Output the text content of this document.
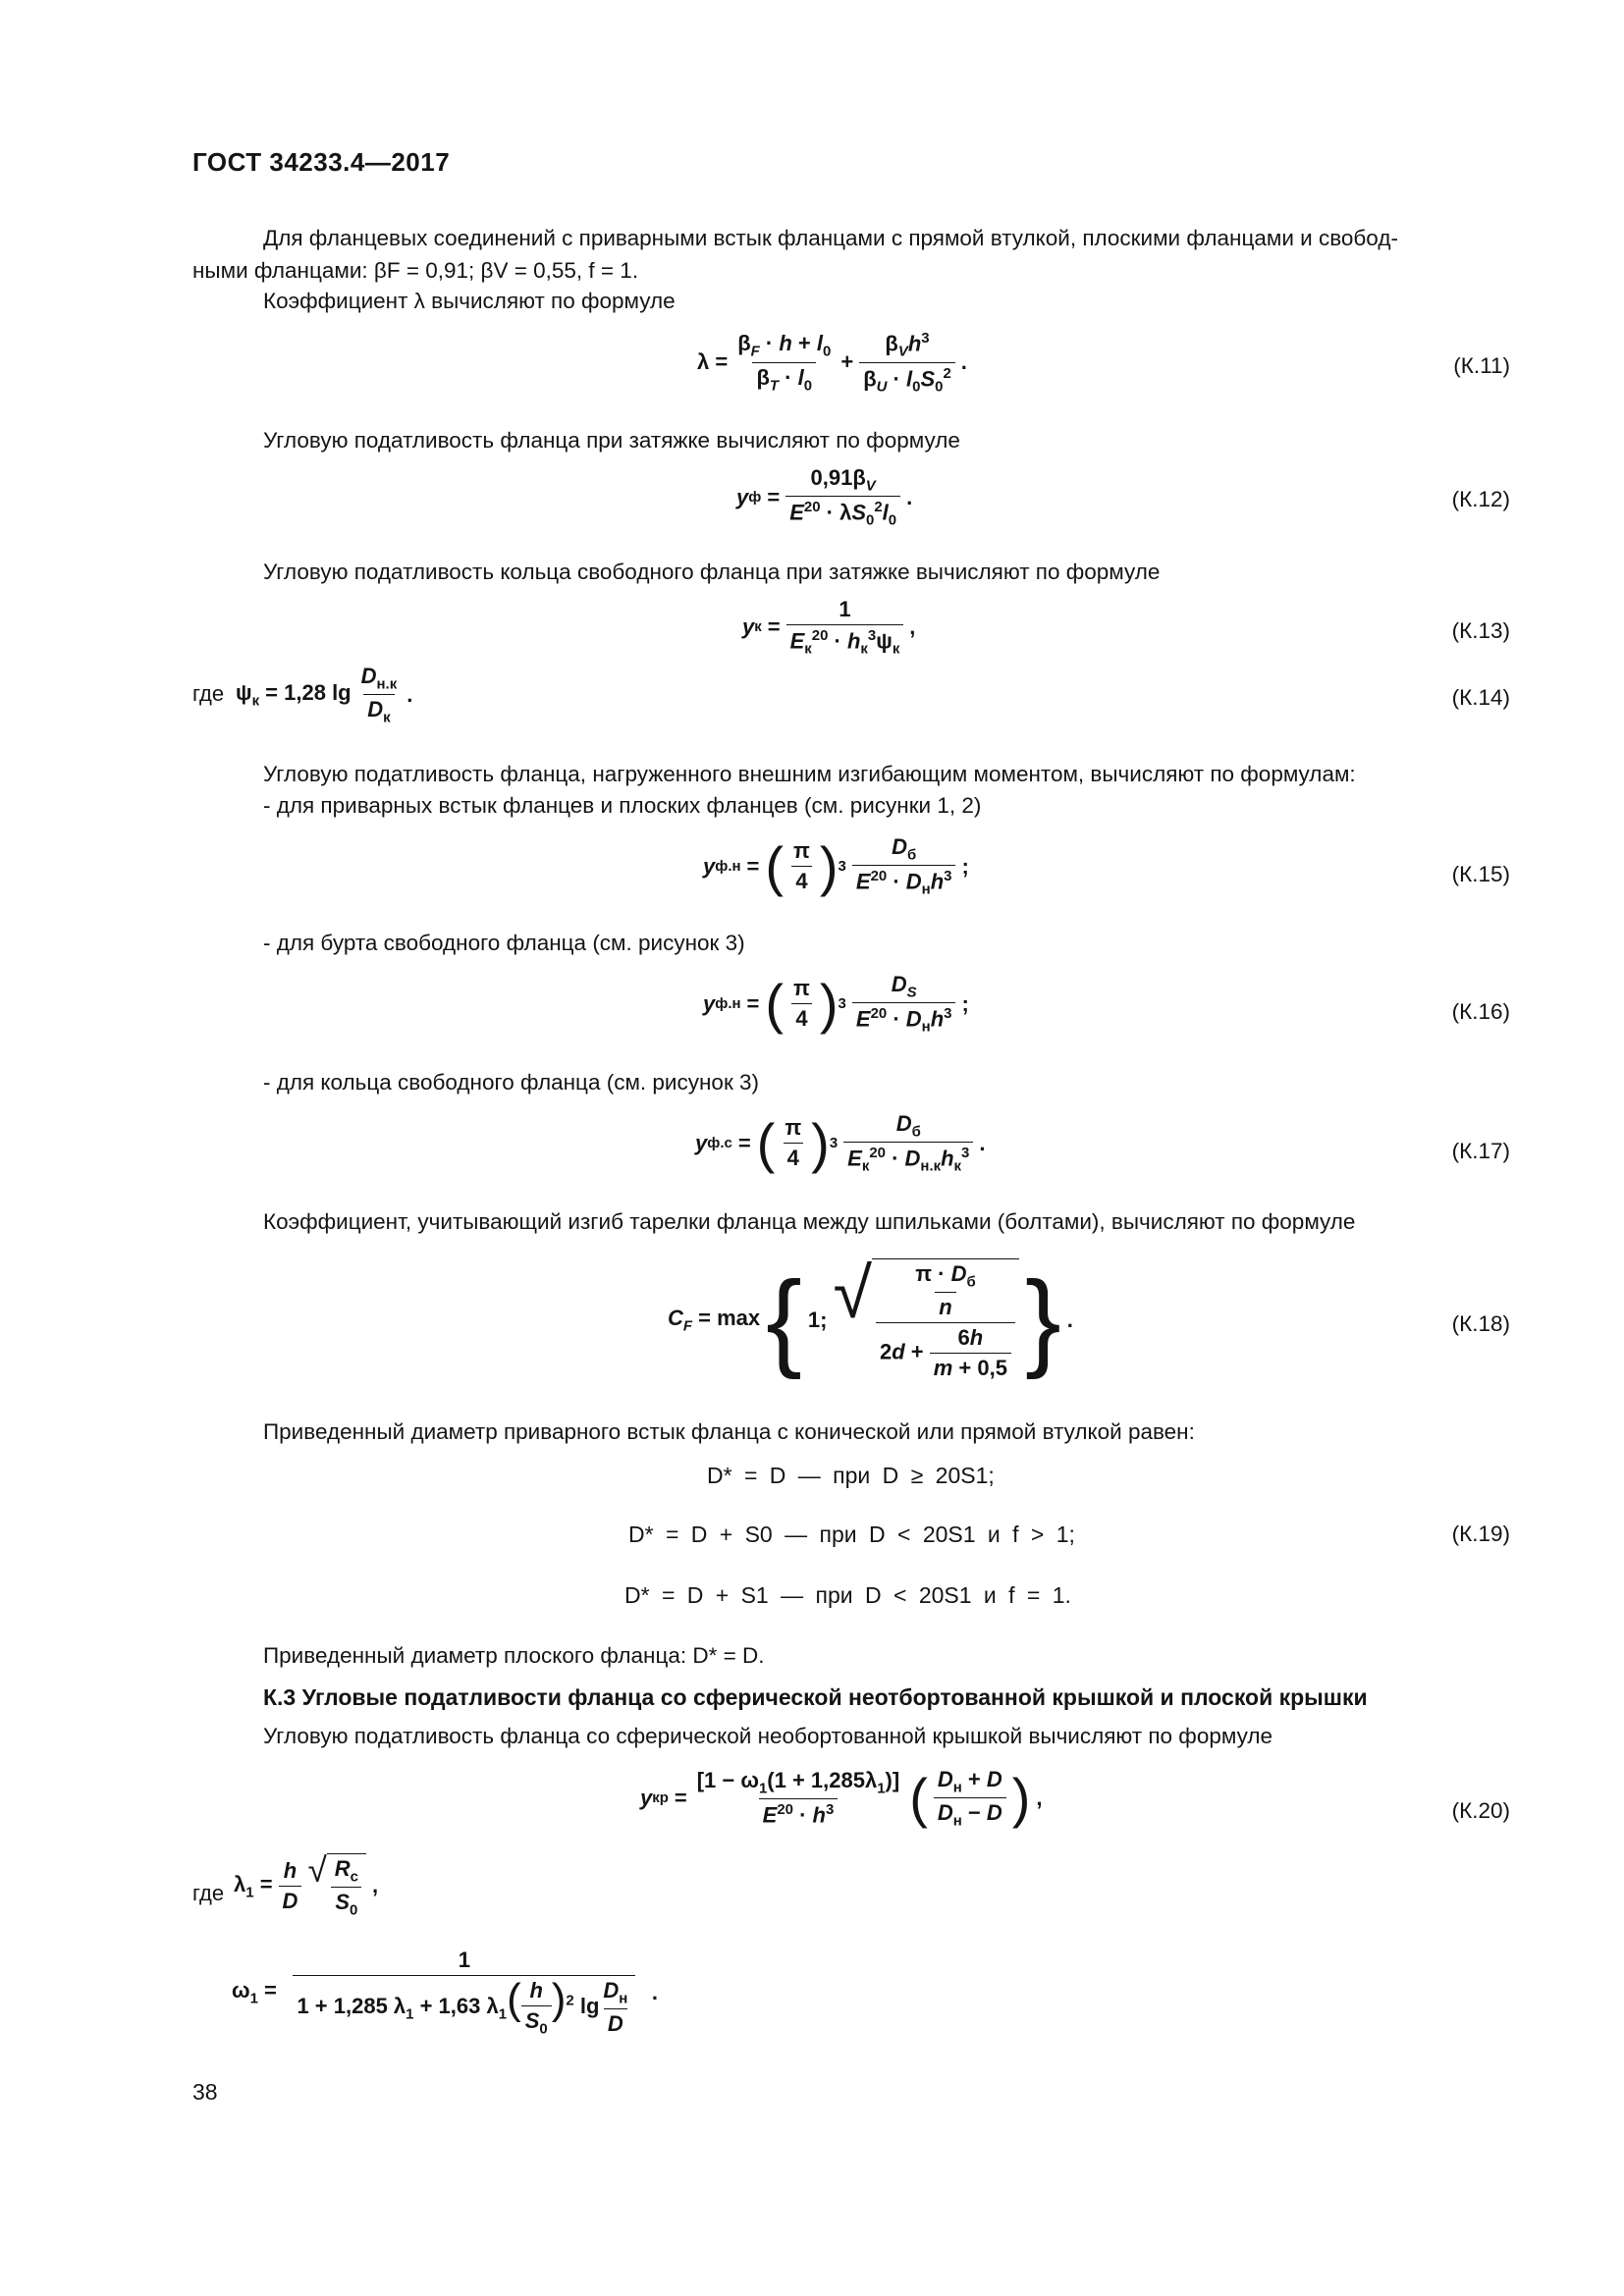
ГОСТ 34233.4—2017
Для фланцевых соединений с приварными встык фланцами с прямой втулкой, плоскими фланцами и свобод-
ными фланцами: βF = 0,91; βV = 0,55, f = 1.
Коэффициент λ вычисляют по формуле
$\lambda = \frac{\beta_F \cdot h + l_0}{\beta_T \cdot l_0} + \frac{\beta_Vh^3}{\beta_U \cdot l_0S_0^2}$ .	(К.11)
Угловую податливость фланца при затяжке вычисляют по формуле
y $ф = \frac{0,91\beta_V}{E^{20} \cdot \lambda S_0^2l_0}$ .	(К.12)
Угловую податливость кольца свободного фланца при затяжке вычисляют по формуле
y $к = \frac{1}{E_к^{20} \cdot h_к^3\psi_к}$ ,	(К.13)
где $\psi_к = 1,28$ $\lg \frac{D_{н.к}}{D_к}$ .	(К.14)
Угловую податливость фланца, нагруженного внешним изгибающим моментом, вычисляют по формулам:
- для приварных встык фланцев и плоских фланцев (см. рисунки 1, 2)
y ф.н = ( $\frac{\pi}{4}$ ) $3 \frac{D_б}{E^{20} \cdot D_нh^3}$ ;	(К.15)
- для бурта свободного фланца (см. рисунок 3)
y ф.н = ( $\frac{\pi}{4}$ ) $3 \frac{D_S}{E^{20} \cdot D_нh^3}$ ;	(К.16)
- для кольца свободного фланца (см. рисунок 3)
y ф.с = ( $\frac{\pi}{4}$ ) $3 \frac{D_б}{E_к^{20} \cdot D_{н.к}h_к^3}$ .	(К.17)
Коэффициент, учитывающий изгиб тарелки фланца между шпильками (болтами), вычисляют по формуле
$C_F = \max$ { 1; √ $\frac{\frac{\pi \cdot D_б}{n}}{2d + \frac{6h}{m + 0,5}}$ } .	(К.18)
Приведенный диаметр приварного встык фланца с конической или прямой втулкой равен:
D* = D — при D ≥ 20S1;
D* = D + S0 — при D < 20S1 и f > 1;	(К.19)
D* = D + S1 — при D < 20S1 и f = 1.
Приведенный диаметр плоского фланца: D* = D.
К.3 Угловые податливости фланца со сферической неотбортованной крышкой и плоской крышки
Угловую податливость фланца со сферической необортованной крышкой вычисляют по формуле
y кр = $\frac{[1 - \omega_1(1 + 1,285\lambda_1)]}{E^{20} \cdot h^3}$ ( $\frac{D_н + D}{D_н - D}$ ) ,
(К.20)
где $\lambda_1 = \frac{h}{D}$ √ $\frac{R_с}{S_0}$ ,
$\omega_1 = \frac{1}{1 + 1,285 \lambda_1 + 1,63 \lambda_1( \frac{h}{S_0} )^2 \lg \frac{D_н}{D}}$ .
38
